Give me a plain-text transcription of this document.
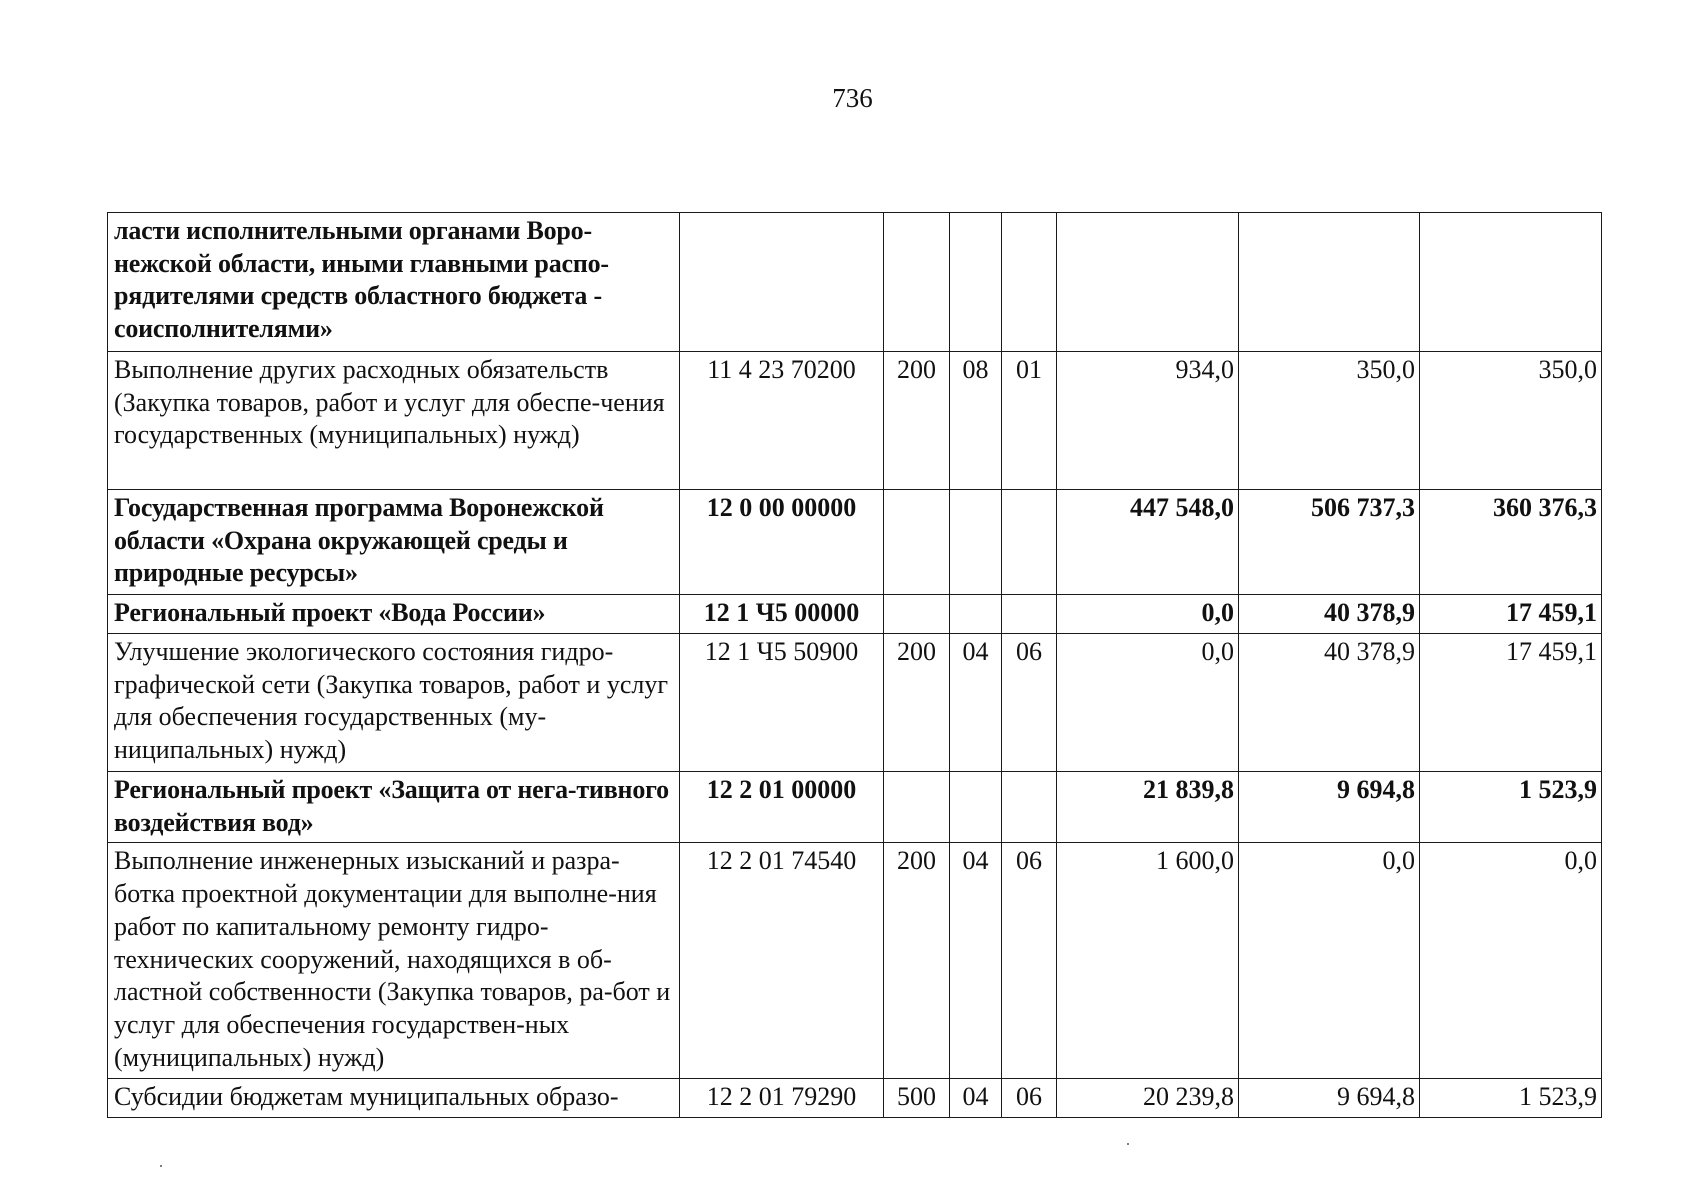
736
ласти исполнительными органами Воро-нежской области, иными главными распо-рядителями средств областного бюджета - соисполнителями»							
Выполнение других расходных обязательств (Закупка товаров, работ и услуг для обеспе-чения государственных (муниципальных) нужд)	11 4 23 70200	200	08	01	934,0	350,0	350,0
Государственная программа Воронежской области «Охрана окружающей среды и природные ресурсы»	12 0 00 00000				447 548,0	506 737,3	360 376,3
Региональный проект «Вода России»	12 1 Ч5 00000				0,0	40 378,9	17 459,1
Улучшение экологического состояния гидро-графической сети (Закупка товаров, работ и услуг для обеспечения государственных (му-ниципальных) нужд)	12 1 Ч5 50900	200	04	06	0,0	40 378,9	17 459,1
Региональный проект «Защита от нега-тивного воздействия вод»	12 2 01 00000				21 839,8	9 694,8	1 523,9
Выполнение инженерных изысканий и разра-ботка проектной документации для выполне-ния работ по капитальному ремонту гидро-технических сооружений, находящихся в об-ластной собственности (Закупка товаров, ра-бот и услуг для обеспечения государствен-ных (муниципальных) нужд)	12 2 01 74540	200	04	06	1 600,0	0,0	0,0
Субсидии бюджетам муниципальных образо-	12 2 01 79290	500	04	06	20 239,8	9 694,8	1 523,9
